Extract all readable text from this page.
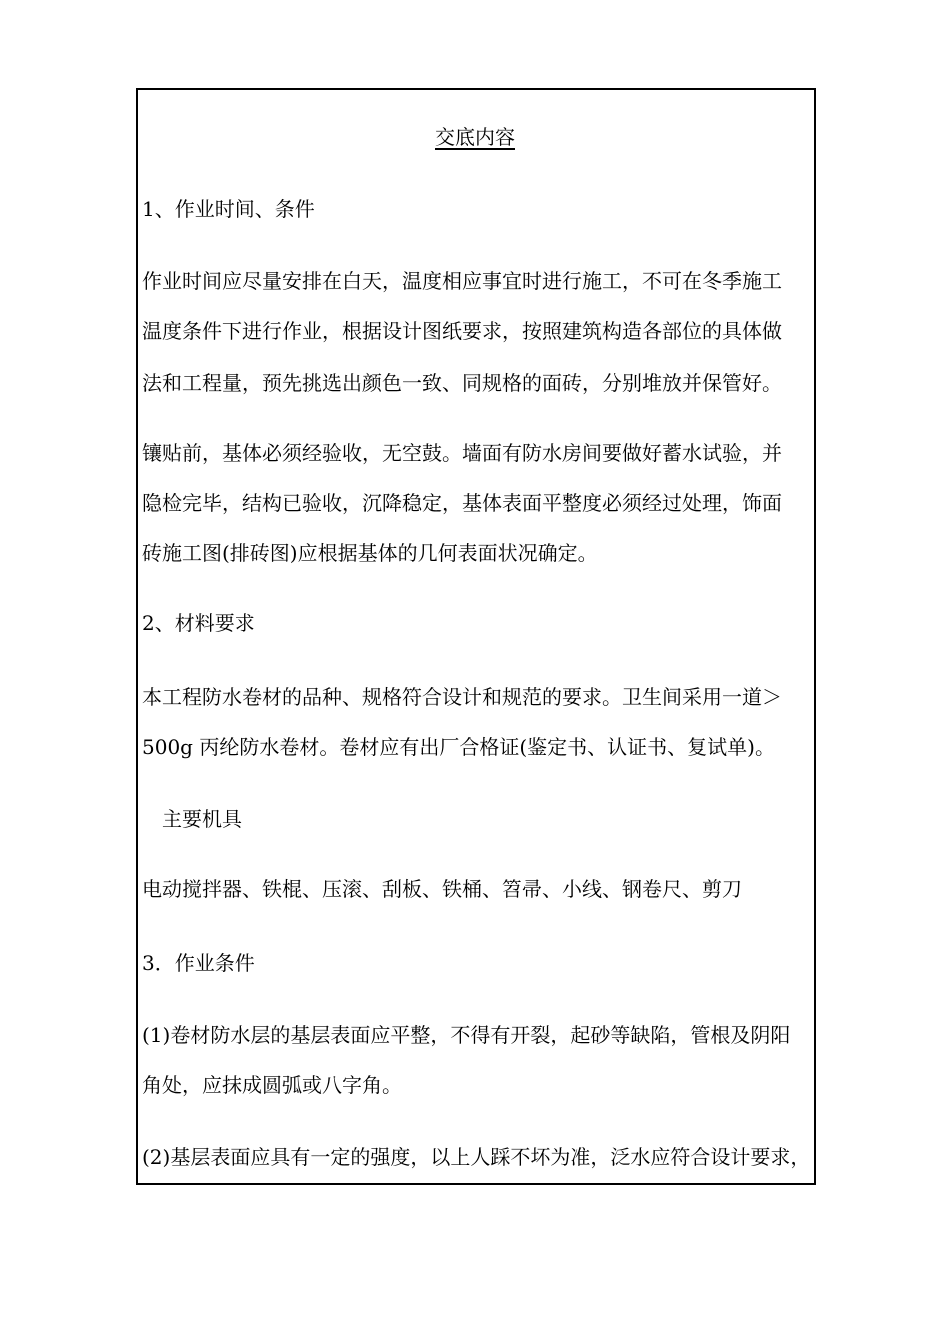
交底内容
1、作业时间、条件
作业时间应尽量安排在白天，温度相应事宜时进行施工，不可在冬季施工
温度条件下进行作业，根据设计图纸要求，按照建筑构造各部位的具体做
法和工程量，预先挑选出颜色一致、同规格的面砖，分别堆放并保管好。
镶贴前，基体必须经验收，无空鼓。墙面有防水房间要做好蓄水试验，并
隐检完毕，结构已验收，沉降稳定，基体表面平整度必须经过处理，饰面
砖施工图(排砖图)应根据基体的几何表面状况确定。
2、材料要求
本工程防水卷材的品种、规格符合设计和规范的要求。卫生间采用一道＞
500g 丙纶防水卷材。卷材应有出厂合格证(鉴定书、认证书、复试单)。
主要机具
电动搅拌器、铁棍、压滚、刮板、铁桶、笤帚、小线、钢卷尺、剪刀
3．作业条件
(1)卷材防水层的基层表面应平整，不得有开裂，起砂等缺陷，管根及阴阳
角处，应抹成圆弧或八字角。
(2)基层表面应具有一定的强度，以上人踩不坏为准，泛水应符合设计要求，
